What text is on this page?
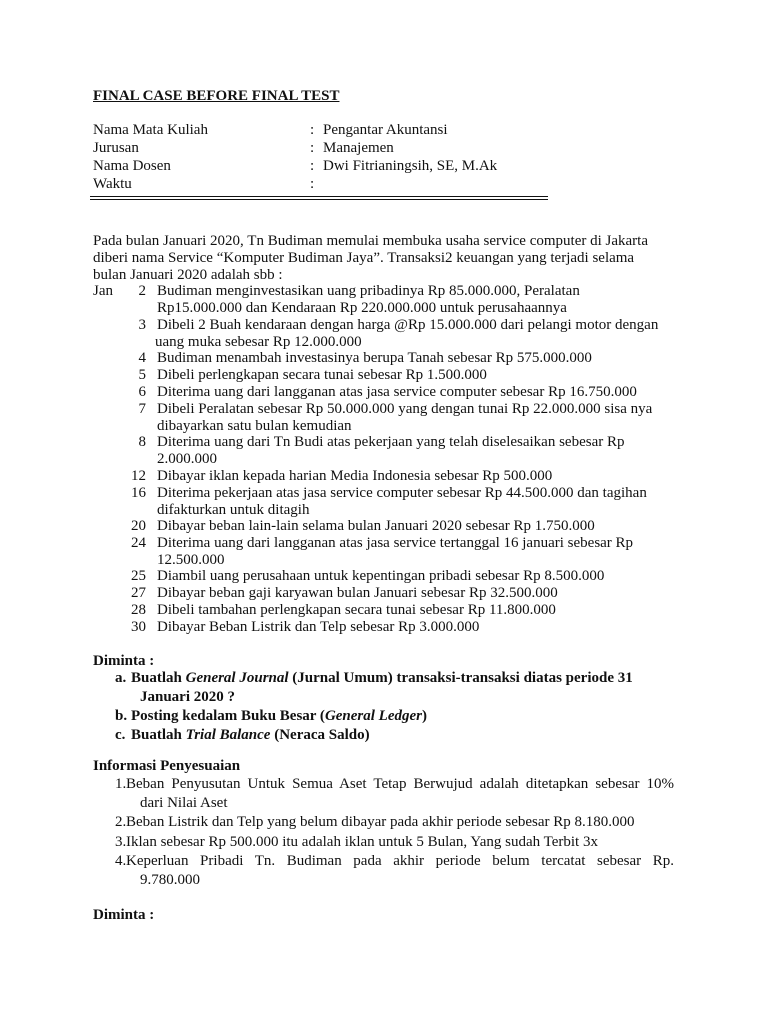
FINAL CASE BEFORE FINAL TEST
Nama Mata Kuliah	: Pengantar Akuntansi
Jurusan	: Manajemen
Nama Dosen	: Dwi Fitrianingsih, SE, M.Ak
Waktu	:
Pada bulan Januari 2020, Tn Budiman memulai membuka usaha service computer di Jakarta
diberi nama Service “Komputer Budiman Jaya”. Transaksi2 keuangan yang terjadi selama
bulan Januari 2020 adalah sbb :
Jan	2 Budiman menginvestasikan uang pribadinya Rp 85.000.000, Peralatan
Rp15.000.000 dan Kendaraan Rp 220.000.000 untuk perusahaannya
3 Dibeli 2 Buah kendaraan dengan harga @Rp 15.000.000 dari pelangi motor dengan
uang muka sebesar Rp 12.000.000
4 Budiman menambah investasinya berupa Tanah sebesar Rp 575.000.000
5 Dibeli perlengkapan secara tunai sebesar Rp 1.500.000
6 Diterima uang dari langganan atas jasa service computer sebesar Rp 16.750.000
7 Dibeli Peralatan sebesar Rp 50.000.000 yang dengan tunai Rp 22.000.000 sisa nya
dibayarkan satu bulan kemudian
8 Diterima uang dari Tn Budi atas pekerjaan yang telah diselesaikan sebesar Rp
2.000.000
12 Dibayar iklan kepada harian Media Indonesia sebesar Rp 500.000
16 Diterima pekerjaan atas jasa service computer sebesar Rp 44.500.000 dan tagihan
difakturkan untuk ditagih
20 Dibayar beban lain-lain selama bulan Januari 2020 sebesar Rp 1.750.000
24 Diterima uang dari langganan atas jasa service tertanggal 16 januari sebesar Rp
12.500.000
25 Diambil uang perusahaan untuk kepentingan pribadi sebesar Rp 8.500.000
27 Dibayar beban gaji karyawan bulan Januari sebesar Rp 32.500.000
28 Dibeli tambahan perlengkapan secara tunai sebesar Rp 11.800.000
30 Dibayar Beban Listrik dan Telp sebesar Rp 3.000.000
Diminta :
a. Buatlah General Journal (Jurnal Umum) transaksi-transaksi diatas periode 31
Januari 2020 ?
b. Posting kedalam Buku Besar (General Ledger)
c. Buatlah Trial Balance (Neraca Saldo)
Informasi Penyesuaian
1. Beban Penyusutan Untuk Semua Aset Tetap Berwujud adalah ditetapkan sebesar 10%
dari Nilai Aset
2. Beban Listrik dan Telp yang belum dibayar pada akhir periode sebesar Rp 8.180.000
3. Iklan sebesar Rp 500.000 itu adalah iklan untuk 5 Bulan, Yang sudah Terbit 3x
4. Keperluan Pribadi Tn. Budiman pada akhir periode belum tercatat sebesar Rp.
9.780.000
Diminta :
